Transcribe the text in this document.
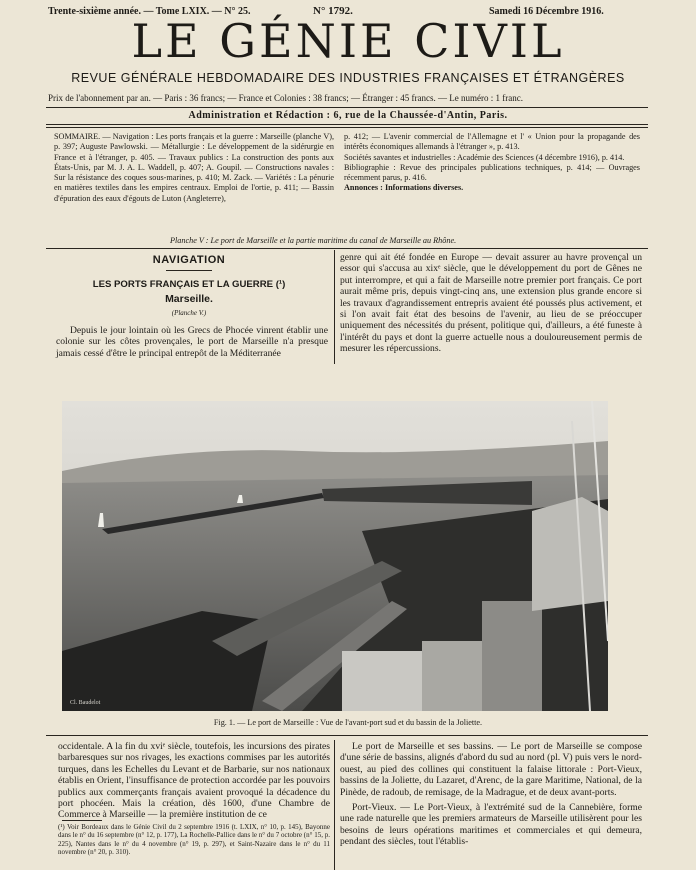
Trente-sixième année. — Tome LXIX. — N° 25.	N° 1792.	Samedi 16 Décembre 1916.
LE GÉNIE CIVIL
REVUE GÉNÉRALE HEBDOMADAIRE DES INDUSTRIES FRANÇAISES ET ÉTRANGÈRES
Prix de l'abonnement par an. — Paris : 36 francs; — France et Colonies : 38 francs; — Étranger : 45 francs. — Le numéro : 1 franc.
Administration et Rédaction : 6, rue de la Chaussée-d'Antin, Paris.
SOMMAIRE. — Navigation : Les ports français et la guerre : Marseille (planche V), p. 397; Auguste Pawlowski. — Métallurgie : Le développement de la sidérurgie en France et à l'étranger, p. 405. — Travaux publics : La construction des ponts aux États-Unis, par M. J. A. L. Waddell, p. 407; A. Goupil. — Constructions navales : Sur la résistance des coques sous-marines, p. 410; M. Zack. — Variétés : La pénurie en matières textiles dans les empires centraux. Emploi de l'ortie, p. 411; — Bassin d'épuration des eaux d'égouts de Luton (Angleterre),
p. 412; — L'avenir commercial de l'Allemagne et l' « Union pour la propagande des intérêts économiques allemands à l'étranger », p. 413.
Sociétés savantes et industrielles : Académie des Sciences (4 décembre 1916), p. 414.
Bibliographie : Revue des principales publications techniques, p. 414; — Ouvrages récemment parus, p. 416.
Annonces : Informations diverses.
Planche V : Le port de Marseille et la partie maritime du canal de Marseille au Rhône.
NAVIGATION
LES PORTS FRANÇAIS ET LA GUERRE (¹)
Marseille.
(Planche V.)
Depuis le jour lointain où les Grecs de Phocée vinrent établir une colonie sur les côtes provençales, le port de Marseille n'a presque jamais cessé d'être le principal entrepôt de la Méditerranée
genre qui ait été fondée en Europe — devait assurer au havre provençal un essor qui s'accusa au xixᵉ siècle, que le développement du port de Gênes ne put interrompre, et qui a fait de Marseille notre premier port français. Ce port aurait même pris, depuis vingt-cinq ans, une extension plus grande encore si les travaux d'agrandissement entrepris avaient été poussés plus activement, et si l'on avait fait état des besoins de l'avenir, au lieu de se préoccuper uniquement des nécessités du présent, politique qui, d'ailleurs, a été funeste à l'intérêt du pays et dont la guerre actuelle nous a douloureusement permis de mesurer les répercussions.
Cl. Baudelot
Fig. 1. — Le port de Marseille : Vue de l'avant-port sud et du bassin de la Joliette.
occidentale. A la fin du xviᵉ siècle, toutefois, les incursions des pirates barbaresques sur nos rivages, les exactions commises par les autorités turques, dans les Echelles du Levant et de Barbarie, sur nos nationaux établis en Orient, l'insuffisance de protection accordée par les pouvoirs publics aux commerçants français avaient provoqué la décadence du port phocéen. Mais la création, dès 1600, d'une Chambre de Commerce à Marseille — la première institution de ce
(¹) Voir Bordeaux dans le Génie Civil du 2 septembre 1916 (t. LXIX, n° 10, p. 145), Bayonne dans le n° du 16 septembre (n° 12, p. 177), La Rochelle-Pallice dans le n° du 7 octobre (n° 15, p. 225), Nantes dans le n° du 4 novembre (n° 19, p. 297), et Saint-Nazaire dans le n° du 11 novembre (n° 20, p. 310).
Le port de Marseille et ses bassins. — Le port de Marseille se compose d'une série de bassins, alignés d'abord du sud au nord (pl. V) puis vers le nord-ouest, au pied des collines qui constituent la falaise littorale : Port-Vieux, bassins de la Joliette, du Lazaret, d'Arenc, de la gare Maritime, National, de la Pinède, de radoub, de remisage, de la Madrague, et de deux avant-ports.
Port-Vieux. — Le Port-Vieux, à l'extrémité sud de la Cannebière, forme une rade naturelle que les premiers armateurs de Marseille utilisèrent pour les besoins de leurs opérations maritimes et commerciales et qui demeura, pendant des siècles, tout l'établis-
